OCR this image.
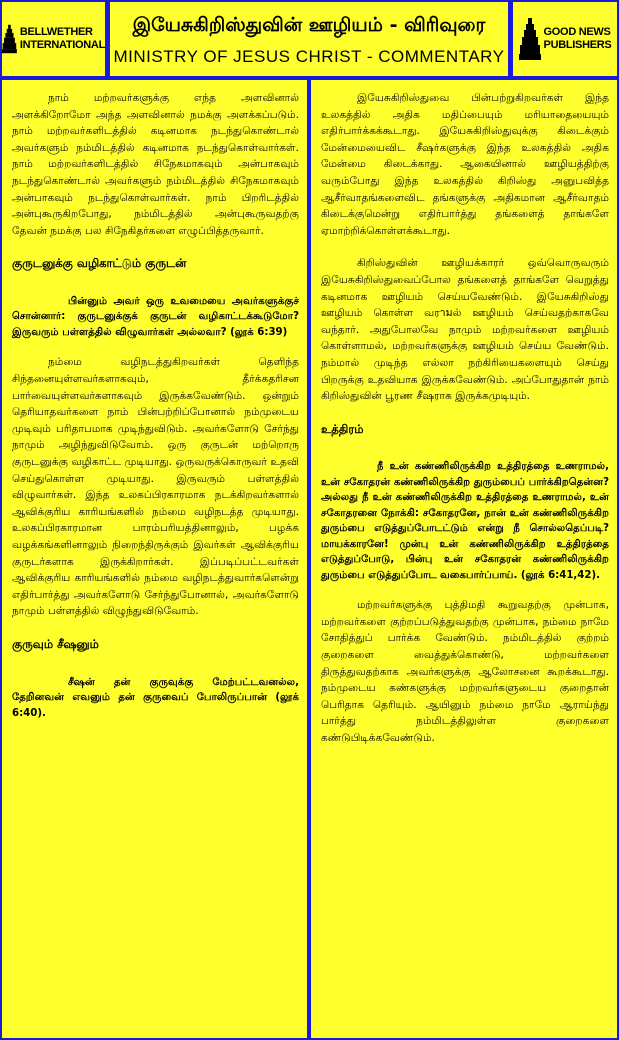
BELLWETHER
INTERNATIONAL
இயேசுகிறிஸ்துவின் ஊழியம் - விரிவுரை
MINISTRY OF JESUS CHRIST - COMMENTARY
GOOD NEWS
PUBLISHERS

நாம் மற்றவர்களுக்கு எந்த அளவினால் அளக்கிறோமோ அந்த அளவினால் நமக்கு அளக்கப்படும். நாம் மற்றவர்களிடத்தில் கடினமாக நடந்துகொண்டால் அவர்களும் நம்மிடத்தில் கடினமாக நடந்துகொள்வார்கள். நாம் மற்றவர்களிடத்தில் சிநேகமாகவும் அன்பாகவும் நடந்துகொண்டால் அவர்களும் நம்மிடத்தில் சிநேகமாகவும் அன்பாகவும் நடந்துகொள்வார்கள். நாம் பிறரிடத்தில் அன்புகூருகிறபோது, நம்மிடத்தில் அன்புகூருவதற்கு தேவன் நமக்கு பல சிநேகிதர்களை எழுப்பித்தருவார்.

குருடனுக்கு வழிகாட்டும் குருடன்

பின்னும் அவர் ஒரு உவமையை அவர்களுக்குச் சொன்னார்: குருடனுக்குக் குருடன் வழிகாட்டக்கூடுமோ? இருவரும் பள்ளத்தில் விழுவார்கள் அல்லவா? (லூக் 6:39)

நம்மை வழிநடத்துகிறவர்கள் தெளிந்த சிந்தனையுள்ளவர்களாகவும், தீர்க்கதரிசன பார்வையுள்ளவர்களாகவும் இருக்கவேண்டும். ஒன்றும் தெரியாதவர்களை நாம் பின்பற்றிப்போனால் நம்முடைய முடிவும் பரிதாபமாக முடிந்துவிடும். அவர்களோடு சேர்ந்து நாமும் அழிந்துவிடுவோம். ஒரு குருடன் மற்றொரு குருடனுக்கு வழிகாட்ட முடியாது. ஒருவருக்கொருவர் உதவி செய்துகொள்ள முடியாது. இருவரும் பள்ளத்தில் விழுவார்கள். இந்த உலகப்பிரகாரமாக நடக்கிறவர்களால் ஆவிக்குரிய காரியங்களில் நம்மை வழிநடத்த முடியாது. உலகப்பிரகாரமான பாரம்பரியத்தினாலும், பழக்க வழக்கங்களினாலும் நிறைந்திருக்கும் இவர்கள் ஆவிக்குரிய குருடர்களாக இருக்கிறார்கள். இப்படிப்பட்டவர்கள் ஆவிக்குரிய காரியங்களில் நம்மை வழிநடத்துவார்களென்று எதிர்பார்த்து அவர்களோடு சேர்ந்துபோனால், அவர்களோடு நாமும் பள்ளத்தில் விழுந்துவிடுவோம்.

குருவும் சீஷனும்

சீஷன் தன் குருவுக்கு மேற்பட்டவனல்ல, தேறினவன் எவனும் தன் குருவைப் போலிருப்பான் (லூக் 6:40).

இயேசுகிறிஸ்துவை பின்பற்றுகிறவர்கள் இந்த உலகத்தில் அதிக மதிப்பையும் மரியாதையையும் எதிர்பார்க்கக்கூடாது. இயேசுகிறிஸ்துவுக்கு கிடைக்கும் மேன்மையைவிட சீஷர்களுக்கு இந்த உலகத்தில் அதிக மேன்மை கிடைக்காது. ஆகையினால் ஊழியத்திற்கு வரும்போது இந்த உலகத்தில் கிறிஸ்து அனுபவித்த ஆசீர்வாதங்களைவிட தங்களுக்கு அதிகமான ஆசீர்வாதம் கிடைக்குமென்று எதிர்பார்த்து தங்களைத் தாங்களே ஏமாற்றிக்கொள்ளக்கூடாது.

கிறிஸ்துவின் ஊழியக்காரர் ஒவ்வொருவரும் இயேசுகிறிஸ்துவைப்போல தங்களைத் தாங்களே வெறுத்து கடினமாக ஊழியம் செய்யவேண்டும். இயேசுகிறிஸ்து ஊழியம் கொள்ள வரามல் ஊழியம் செய்வதற்காகவே வந்தார். அதுபோலவே நாமும் மற்றவர்களை ஊழியம் கொள்ளாமல், மற்றவர்களுக்கு ஊழியம் செய்ய வேண்டும். நம்மால் முடிந்த எல்லா நற்கிரியைகளையும் செய்து பிறருக்கு உதவியாக இருக்கவேண்டும். அப்போதுதான் நாம் கிறிஸ்துவின் பூரண சீஷராக இருக்கமுடியும்.

உத்திரம்

நீ உன் கண்ணிலிருக்கிற உத்திரத்தை உணராமல், உன் சகோதரன் கண்ணிலிருக்கிற துரும்பைப் பார்க்கிறதென்ன? அல்லது நீ உன் கண்ணிலிருக்கிற உத்திரத்தை உணராமல், உன் சகோதரனை நோக்கி: சகோதரனே, நான் உன் கண்ணிலிருக்கிற துரும்பை எடுத்துப்போடட்டும் என்று நீ சொல்லதெப்படி? மாயக்காரனே! முன்பு உன் கண்ணிலிருக்கிற உத்திரத்தை எடுத்துப்போடு, பின்பு உன் சகோதரன் கண்ணிலிருக்கிற துரும்பை எடுத்துப்போட வகைபார்ப்பாய். (லூக் 6:41,42).

மற்றவர்களுக்கு புத்திமதி கூறுவதற்கு முன்பாக, மற்றவர்களை குற்றப்படுத்துவதற்கு முன்பாக, நம்மை நாமே சோதித்துப் பார்க்க வேண்டும். நம்மிடத்தில் குற்றம் குறைகளை வைத்துக்கொண்டு, மற்றவர்களை திருத்துவதற்காக அவர்களுக்கு ஆலோசனை கூறக்கூடாது. நம்முடைய கண்களுக்கு மற்றவர்களுடைய குறைதான் பெரிதாக தெரியும். ஆயினும் நம்மை நாமே ஆராய்ந்து பார்த்து நம்மிடத்திலுள்ள குறைகளை கண்டுபிடிக்கவேண்டும்.
